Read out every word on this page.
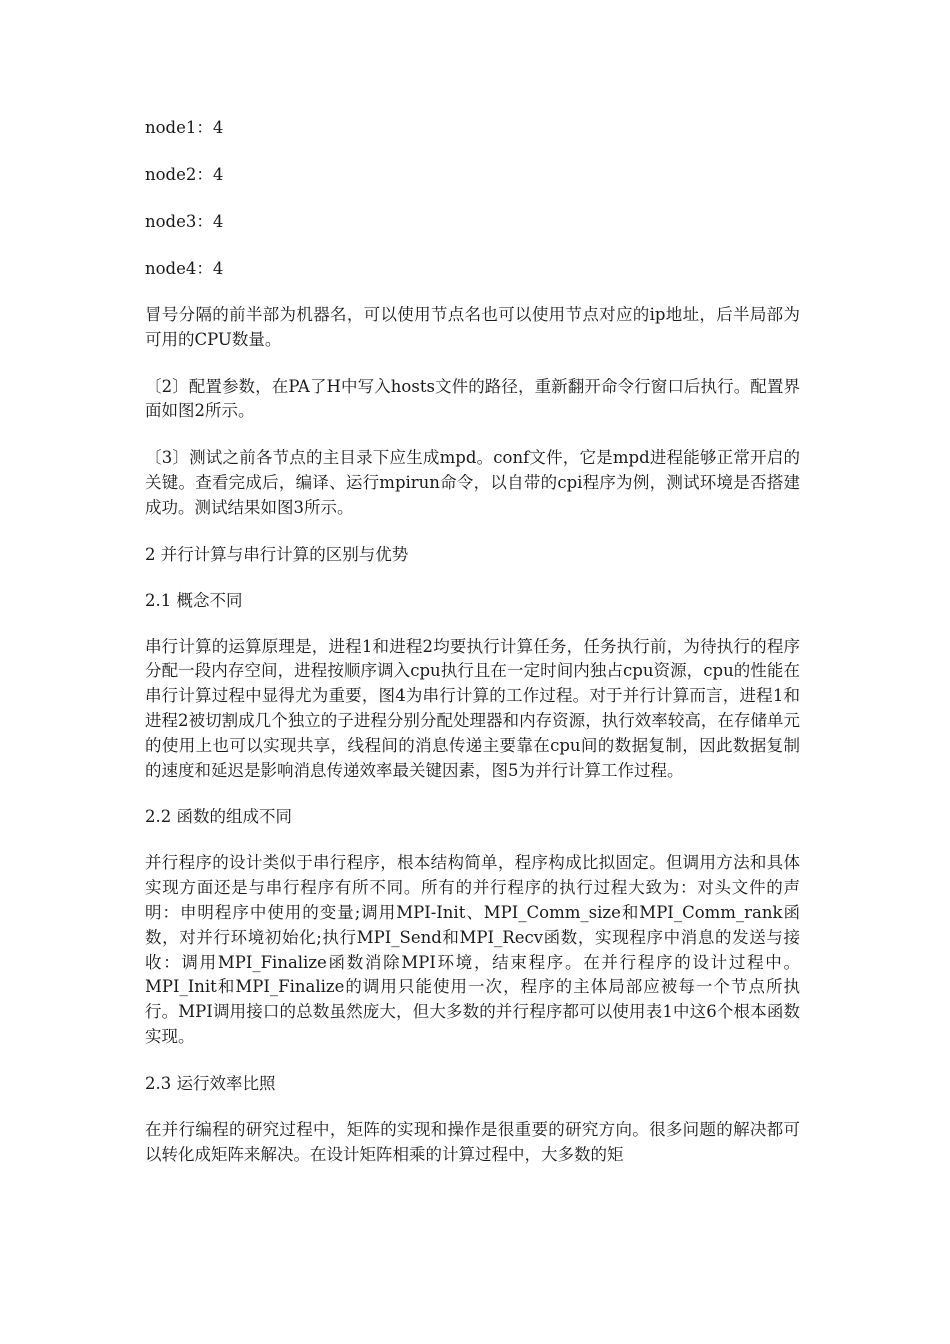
node1：4

node2：4

node3：4

node4：4

冒号分隔的前半部为机器名，可以使用节点名也可以使用节点对应的ip地址，后半局部为可用的CPU数量。

〔2〕配置参数，在PA了H中写入hosts文件的路径，重新翻开命令行窗口后执行。配置界面如图2所示。

〔3〕测试之前各节点的主目录下应生成mpd。conf文件，它是mpd进程能够正常开启的关键。查看完成后，编译、运行mpirun命令，以自带的cpi程序为例，测试环境是否搭建成功。测试结果如图3所示。

2 并行计算与串行计算的区别与优势

2.1 概念不同

串行计算的运算原理是，进程1和进程2均要执行计算任务，任务执行前，为待执行的程序分配一段内存空间，进程按顺序调入cpu执行且在一定时间内独占cpu资源，cpu的性能在串行计算过程中显得尤为重要，图4为串行计算的工作过程。对于并行计算而言，进程1和进程2被切割成几个独立的子进程分别分配处理器和内存资源，执行效率较高，在存储单元的使用上也可以实现共享，线程间的消息传递主要靠在cpu间的数据复制，因此数据复制的速度和延迟是影响消息传递效率最关键因素，图5为并行计算工作过程。

2.2 函数的组成不同

并行程序的设计类似于串行程序，根本结构简单，程序构成比拟固定。但调用方法和具体实现方面还是与串行程序有所不同。所有的并行程序的执行过程大致为：对头文件的声明：申明程序中使用的变量;调用MPI-Init、MPI_Comm_size和MPI_Comm_rank函数，对并行环境初始化;执行MPI_Send和MPI_Recv函数，实现程序中消息的发送与接收：调用MPI_Finalize函数消除MPI环境，结束程序。在并行程序的设计过程中。MPI_Init和MPI_Finalize的调用只能使用一次，程序的主体局部应被每一个节点所执行。MPI调用接口的总数虽然庞大，但大多数的并行程序都可以使用表1中这6个根本函数实现。

2.3 运行效率比照

在并行编程的研究过程中，矩阵的实现和操作是很重要的研究方向。很多问题的解决都可以转化成矩阵来解决。在设计矩阵相乘的计算过程中，大多数的矩
